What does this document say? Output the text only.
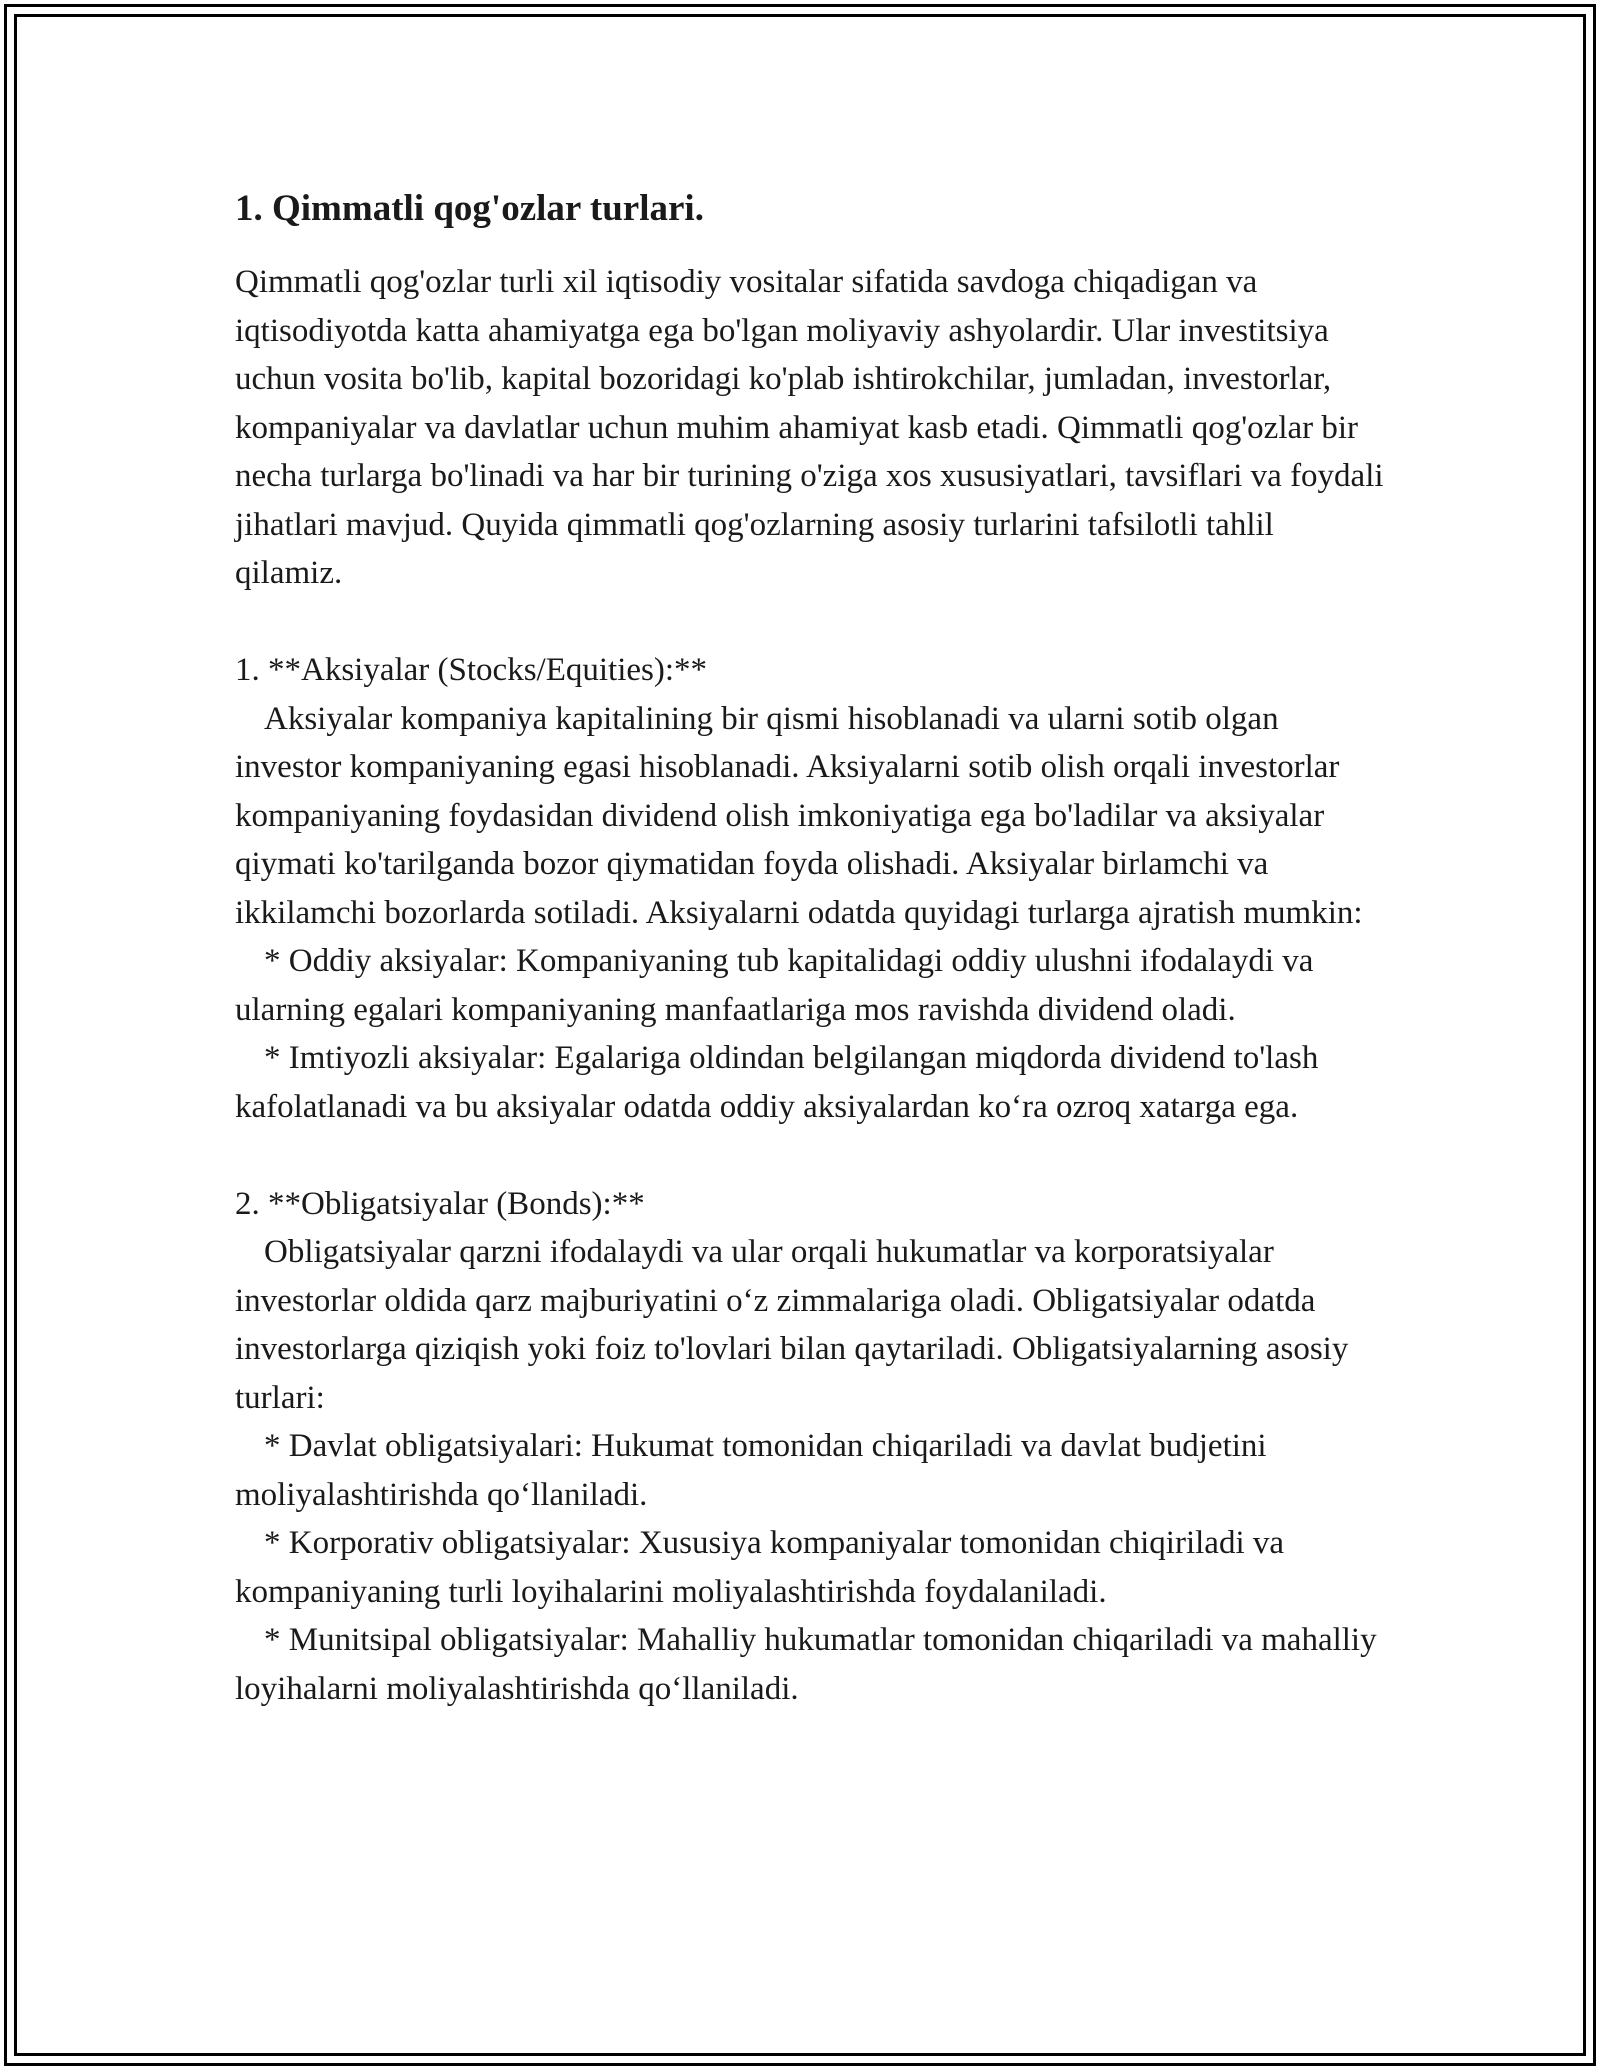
1. Qimmatli qog'ozlar turlari.

Qimmatli qog'ozlar turli xil iqtisodiy vositalar sifatida savdoga chiqadigan va iqtisodiyotda katta ahamiyatga ega bo'lgan moliyaviy ashyolardir. Ular investitsiya uchun vosita bo'lib, kapital bozoridagi ko'plab ishtirokchilar, jumladan, investorlar, kompaniyalar va davlatlar uchun muhim ahamiyat kasb etadi. Qimmatli qog'ozlar bir necha turlarga bo'linadi va har bir turining o'ziga xos xususiyatlari, tavsiflari va foydali jihatlari mavjud. Quyida qimmatli qog'ozlarning asosiy turlarini tafsilotli tahlil qilamiz.

1. **Aksiyalar (Stocks/Equities):**

Aksiyalar kompaniya kapitalining bir qismi hisoblanadi va ularni sotib olgan investor kompaniyaning egasi hisoblanadi. Aksiyalarni sotib olish orqali investorlar kompaniyaning foydasidan dividend olish imkoniyatiga ega bo'ladilar va aksiyalar qiymati ko'tarilganda bozor qiymatidan foyda olishadi. Aksiyalar birlamchi va ikkilamchi bozorlarda sotiladi. Aksiyalarni odatda quyidagi turlarga ajratish mumkin:

* Oddiy aksiyalar: Kompaniyaning tub kapitalidagi oddiy ulushni ifodalaydi va ularning egalari kompaniyaning manfaatlariga mos ravishda dividend oladi.

* Imtiyozli aksiyalar: Egalariga oldindan belgilangan miqdorda dividend to'lash kafolatlanadi va bu aksiyalar odatda oddiy aksiyalardan ko‘ra ozroq xatarga ega.

2. **Obligatsiyalar (Bonds):**

Obligatsiyalar qarzni ifodalaydi va ular orqali hukumatlar va korporatsiyalar investorlar oldida qarz majburiyatini o‘z zimmalariga oladi. Obligatsiyalar odatda investorlarga qiziqish yoki foiz to'lovlari bilan qaytariladi. Obligatsiyalarning asosiy turlari:

* Davlat obligatsiyalari: Hukumat tomonidan chiqariladi va davlat budjetini moliyalashtirishda qo‘llaniladi.

* Korporativ obligatsiyalar: Xususiya kompaniyalar tomonidan chiqiriladi va kompaniyaning turli loyihalarini moliyalashtirishda foydalaniladi.

* Munitsipal obligatsiyalar: Mahalliy hukumatlar tomonidan chiqariladi va mahalliy loyihalarni moliyalashtirishda qo‘llaniladi.
